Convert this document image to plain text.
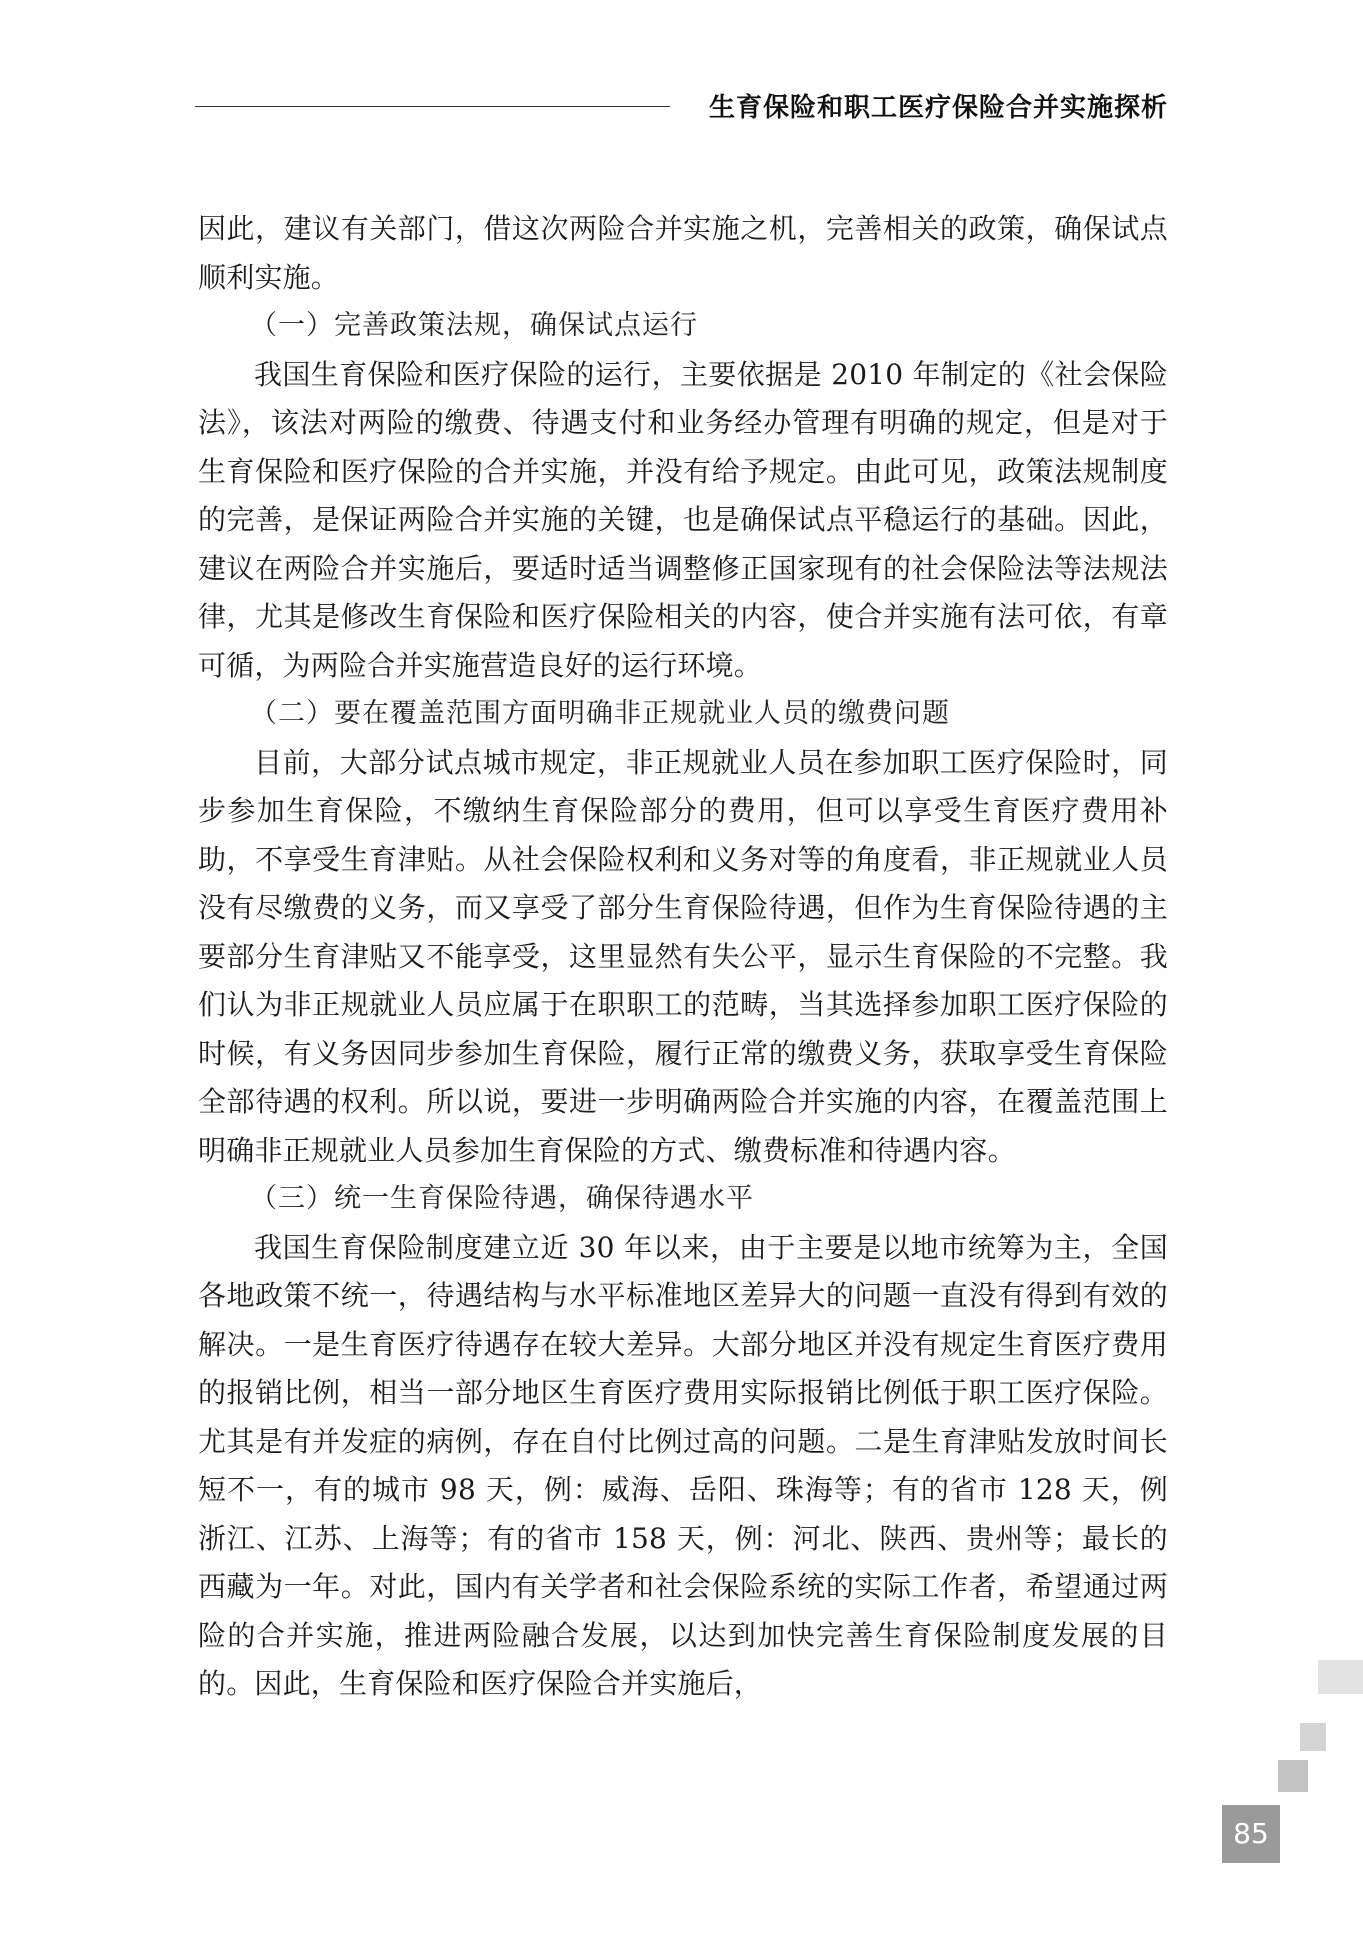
生育保险和职工医疗保险合并实施探析

因此，建议有关部门，借这次两险合并实施之机，完善相关的政策，确保试点顺利实施。

（一）完善政策法规，确保试点运行

我国生育保险和医疗保险的运行，主要依据是 2010 年制定的《社会保险法》，该法对两险的缴费、待遇支付和业务经办管理有明确的规定，但是对于生育保险和医疗保险的合并实施，并没有给予规定。由此可见，政策法规制度的完善，是保证两险合并实施的关键，也是确保试点平稳运行的基础。因此，建议在两险合并实施后，要适时适当调整修正国家现有的社会保险法等法规法律，尤其是修改生育保险和医疗保险相关的内容，使合并实施有法可依，有章可循，为两险合并实施营造良好的运行环境。

（二）要在覆盖范围方面明确非正规就业人员的缴费问题

目前，大部分试点城市规定，非正规就业人员在参加职工医疗保险时，同步参加生育保险，不缴纳生育保险部分的费用，但可以享受生育医疗费用补助，不享受生育津贴。从社会保险权利和义务对等的角度看，非正规就业人员没有尽缴费的义务，而又享受了部分生育保险待遇，但作为生育保险待遇的主要部分生育津贴又不能享受，这里显然有失公平，显示生育保险的不完整。我们认为非正规就业人员应属于在职职工的范畴，当其选择参加职工医疗保险的时候，有义务因同步参加生育保险，履行正常的缴费义务，获取享受生育保险全部待遇的权利。所以说，要进一步明确两险合并实施的内容，在覆盖范围上明确非正规就业人员参加生育保险的方式、缴费标准和待遇内容。

（三）统一生育保险待遇，确保待遇水平

我国生育保险制度建立近 30 年以来，由于主要是以地市统筹为主，全国各地政策不统一，待遇结构与水平标准地区差异大的问题一直没有得到有效的解决。一是生育医疗待遇存在较大差异。大部分地区并没有规定生育医疗费用的报销比例，相当一部分地区生育医疗费用实际报销比例低于职工医疗保险。尤其是有并发症的病例，存在自付比例过高的问题。二是生育津贴发放时间长短不一，有的城市 98 天，例：威海、岳阳、珠海等；有的省市 128 天，例浙江、江苏、上海等；有的省市 158 天，例：河北、陕西、贵州等；最长的西藏为一年。对此，国内有关学者和社会保险系统的实际工作者，希望通过两险的合并实施，推进两险融合发展，以达到加快完善生育保险制度发展的目的。因此，生育保险和医疗保险合并实施后，

85
